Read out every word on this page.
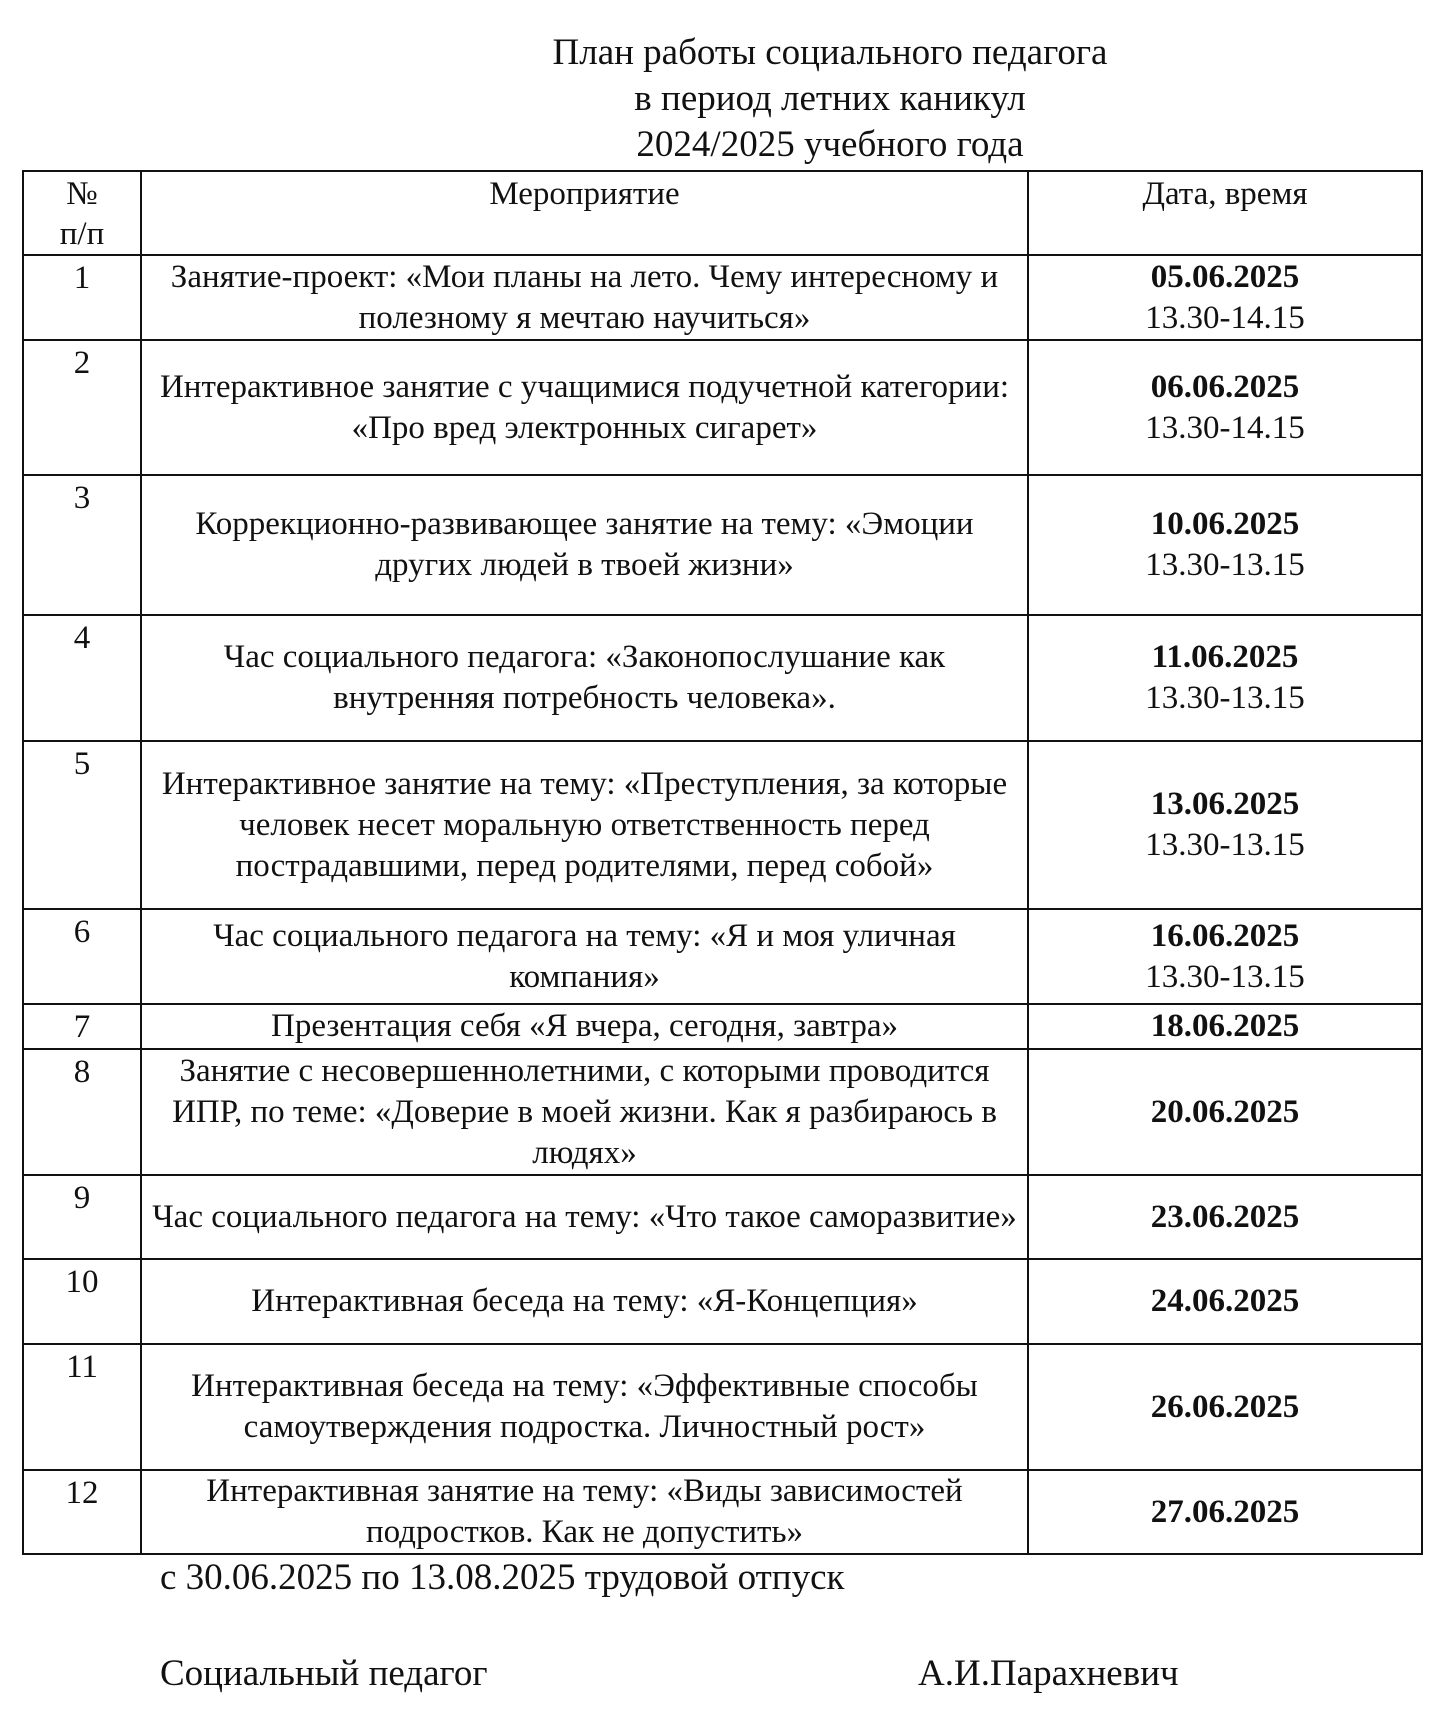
План работы социального педагога
в период летних каникул
2024/2025 учебного года
№
п/п	Мероприятие	Дата, время
1	Занятие-проект: «Мои планы на лето. Чему интересному и полезному я мечтаю научиться»	05.06.2025
13.30-14.15

2	Интерактивное занятие с учащимися подучетной категории: «Про вред электронных сигарет»	06.06.2025
13.30-14.15

3	Коррекционно-развивающее занятие на тему: «Эмоции других людей в твоей жизни»	10.06.2025
13.30-13.15

4	Час социального педагога: «Законопослушание как внутренняя потребность человека».	11.06.2025
13.30-13.15

5	Интерактивное занятие на тему: «Преступления, за которые человек несет моральную ответственность перед пострадавшими, перед родителями, перед собой»	13.06.2025
13.30-13.15

6	Час социального педагога на тему: «Я и моя уличная компания»	16.06.2025
13.30-13.15

7	Презентация себя «Я вчера, сегодня, завтра»	18.06.2025

8	Занятие с несовершеннолетними, с которыми проводится ИПР, по теме: «Доверие в моей жизни. Как я разбираюсь в людях»	20.06.2025

9	Час социального педагога на тему: «Что такое саморазвитие»	23.06.2025

10	Интерактивная беседа на тему: «Я-Концепция»	24.06.2025

11	Интерактивная беседа на тему: «Эффективные способы самоутверждения подростка. Личностный рост»	26.06.2025

12	Интерактивная занятие на тему: «Виды зависимостей подростков. Как не допустить»	27.06.2025
с 30.06.2025 по 13.08.2025 трудовой отпуск
Социальный педагог	А.И.Парахневич
